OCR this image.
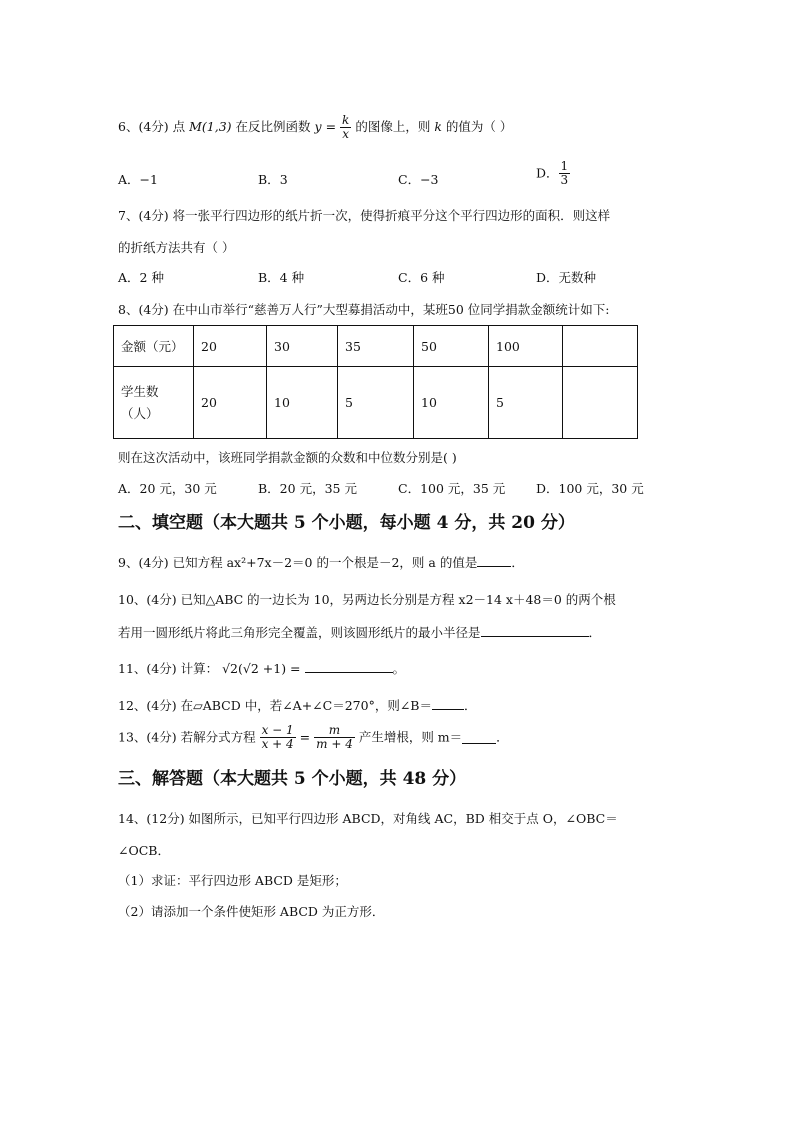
6、(4分) 点 M(1,3) 在反比例函数 $y = \frac{k}{x}$ 的图像上，则 k 的值为（ ）
A．−1	B．3	C．−3	D． $\frac{1}{3}$
7、(4分) 将一张平行四边形的纸片折一次，使得折痕平分这个平行四边形的面积．则这样
的折纸方法共有（ ）
A．2 种	B．4 种	C．6 种	D．无数种
8、(4分) 在中山市举行“慈善万人行”大型募捐活动中，某班50 位同学捐款金额统计如下:
金额（元）	20	30	35	50	100	

学生数
（人）	20	10	5	10	5	
则在这次活动中，该班同学捐款金额的众数和中位数分别是( )
A．20 元，30 元	B．20 元，35 元	C．100 元，35 元 D．100 元，30 元
二、填空题（本大题共 5 个小题，每小题 4 分，共 20 分）
9、(4分) 已知方程 ax²+7x－2＝0 的一个根是－2，则 a 的值是	．
10、(4分) 已知△ABC 的一边长为 10，另两边长分别是方程 x2－14 x＋48＝0 的两个根
若用一圆形纸片将此三角形完全覆盖，则该圆形纸片的最小半径是	．
11、(4分) 计算： √2(√2 +1) =	。
12、(4分) 在▱ABCD 中，若∠A+∠C＝270°，则∠B＝	．
13、(4分) 若解分式方程 $\frac{x - 1}{x + 4} = \frac{m}{m + 4}$ 产生增根，则 m＝	．
三、解答题（本大题共 5 个小题，共 48 分）
14、(12分) 如图所示，已知平行四边形 ABCD，对角线 AC，BD 相交于点 O，∠OBC＝
∠OCB．
（1）求证：平行四边形 ABCD 是矩形；
（2）请添加一个条件使矩形 ABCD 为正方形．
